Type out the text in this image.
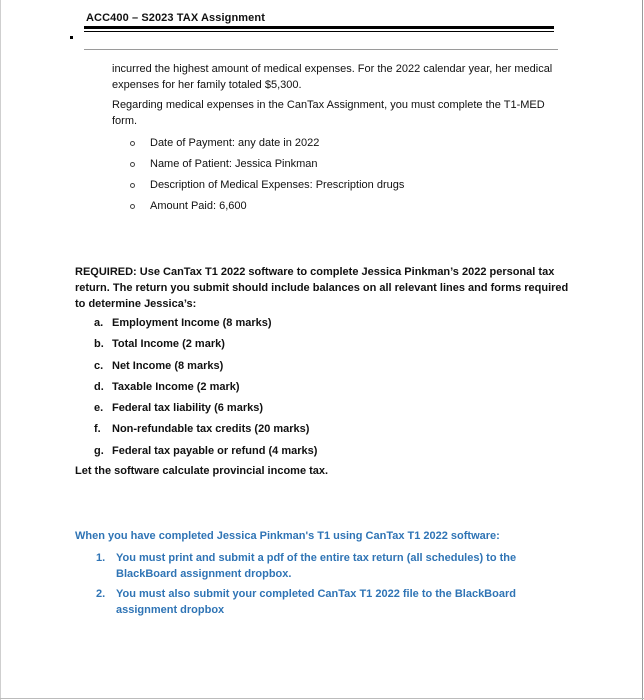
ACC400 – S2023 TAX Assignment

incurred the highest amount of medical expenses. For the 2022 calendar year, her medical expenses for her family totaled $5,300.

Regarding medical expenses in the CanTax Assignment, you must complete the T1-MED form.

Date of Payment: any date in 2022
Name of Patient: Jessica Pinkman
Description of Medical Expenses: Prescription drugs
Amount Paid: 6,600

REQUIRED: Use CanTax T1 2022 software to complete Jessica Pinkman’s 2022 personal tax return. The return you submit should include balances on all relevant lines and forms required to determine Jessica’s:

a. Employment Income (8 marks)
b. Total Income (2 mark)
c. Net Income (8 marks)
d. Taxable Income (2 mark)
e. Federal tax liability (6 marks)
f. Non-refundable tax credits (20 marks)
g. Federal tax payable or refund (4 marks)

Let the software calculate provincial income tax.

When you have completed Jessica Pinkman's T1 using CanTax T1 2022 software:

1. You must print and submit a pdf of the entire tax return (all schedules) to the BlackBoard assignment dropbox.
2. You must also submit your completed CanTax T1 2022 file to the BlackBoard assignment dropbox
